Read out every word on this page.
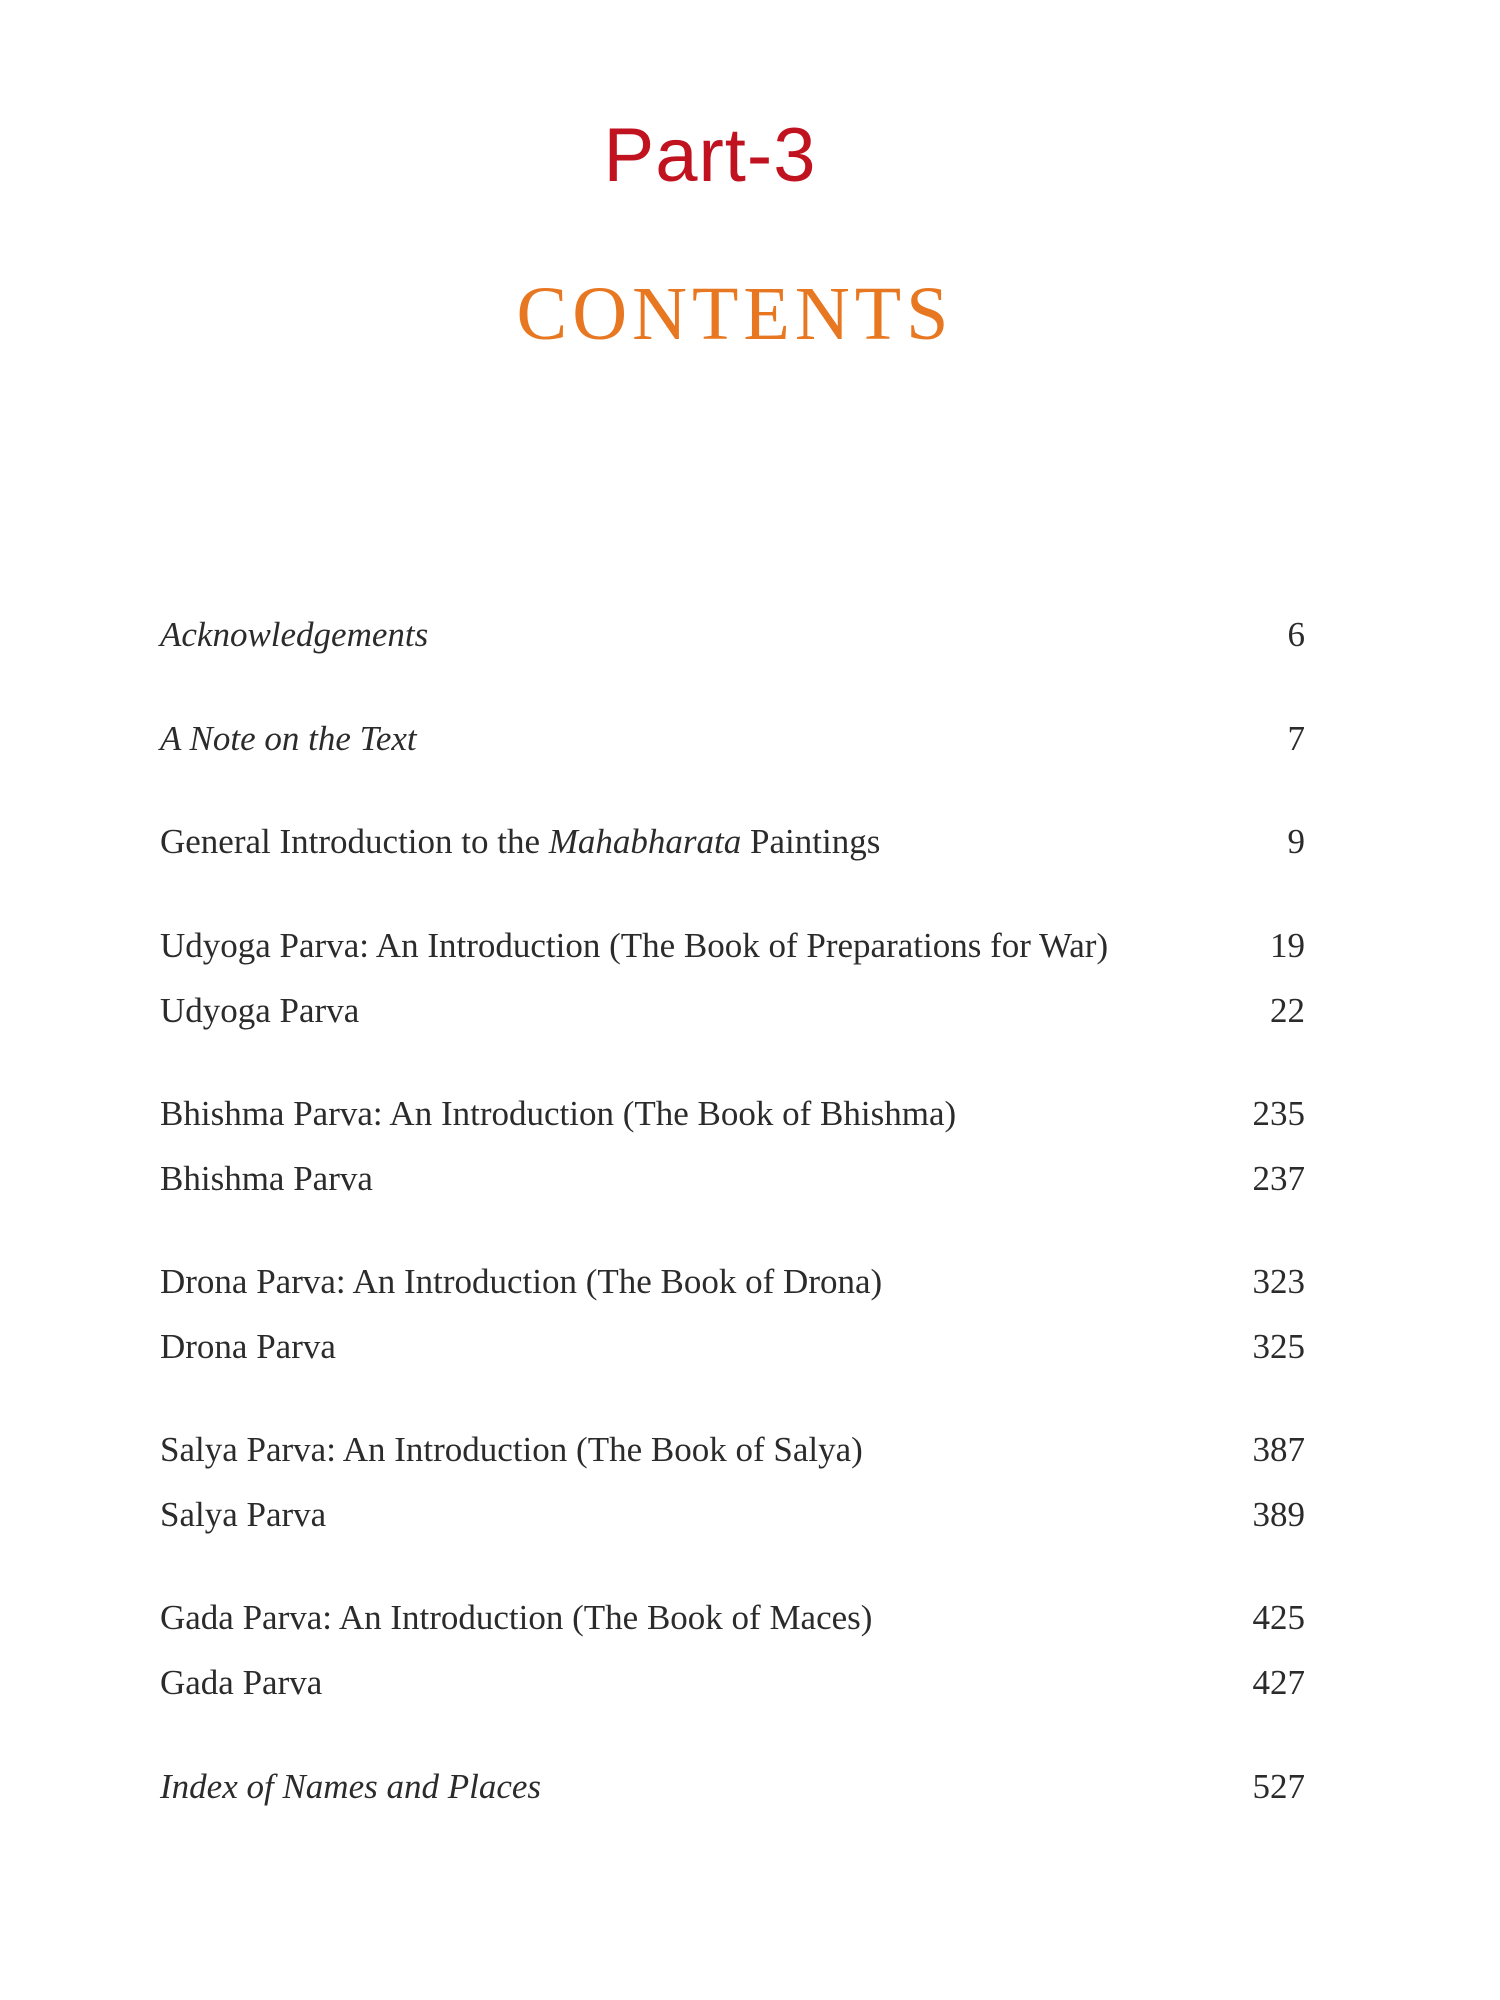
Part-3
CONTENTS
Acknowledgements	6
A Note on the Text	7
General Introduction to the Mahabharata Paintings	9
Udyoga Parva: An Introduction (The Book of Preparations for War)	19
Udyoga Parva	22
Bhishma Parva: An Introduction (The Book of Bhishma)	235
Bhishma Parva	237
Drona Parva: An Introduction (The Book of Drona)	323
Drona Parva	325
Salya Parva: An Introduction (The Book of Salya)	387
Salya Parva	389
Gada Parva: An Introduction (The Book of Maces)	425
Gada Parva	427
Index of Names and Places	527
